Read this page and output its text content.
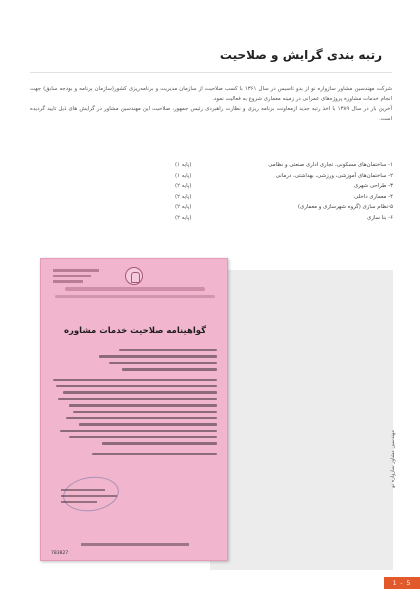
رتبه بندی گرایش و صلاحیت

شرکت مهندسین مشاور سازواره نو از بدو تاسیس در سال ۱۳۶۱ با کسب صلاحیت از سازمان مدیریت و برنامه‌ریزی کشور(سازمان برنامه و بودجه سابق) جهت انجام خدمات مشاوره پروژه‌های عمرانی در زمینه معماری شروع به فعالیت نمود.

آخرین بار در سال ۱۳۸۹ با اخذ رتبه جدید ازمعاونت برنامه ریزی و نظارت راهبردی رئیس جمهور، صلاحیت این مهندسین مشاور در گرایش های ذیل تایید گردیده است.

۱- ساختمان‌های مسکونی، تجاری اداری صنعتی و نظامی
(پایه ۱)
۲- ساختمان‌های آموزشی، ورزشی، بهداشتی، درمانی
(پایه ۱)
۳- طراحی شهری
(پایه ۲)
۴- معماری داخلی
(پایه ۲)
۵-نظام سازی (گروه شهرسازی و معماری)
(پایه ۲)
۶- بنا سازی
(پایه ۲)
گواهینامه صلاحیت خدمات مشاوره
783827
مهندسین مشاور سازواره نو
1 - 5
